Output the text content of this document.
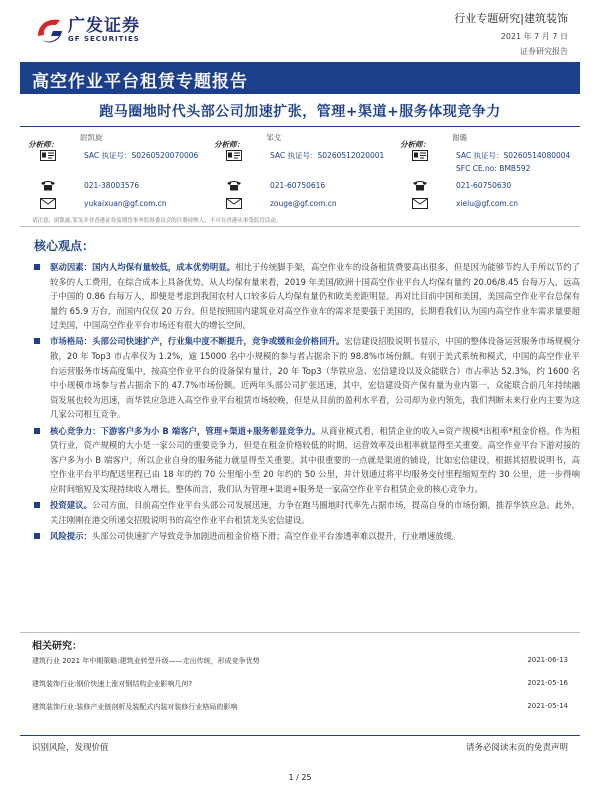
广发证券
GF SECURITIES
行业专题研究|建筑装饰
2021 年 7 月 7 日
证券研究报告
高空作业平台租赁专题报告
跑马圈地时代头部公司加速扩张，管理+渠道+服务体现竞争力
分析师：
尉凯旋
SAC 执证号：S0260520070006
021-38003576
yukaixuan@gf.com.cn
分析师：
邹戈
SAC 执证号：S0260512020001
021-60750616
zouge@gf.com.cn
分析师：
谢璐
SAC 执证号：S0260514080004
SFC CE.no: BMB592
021-60750630
xielu@gf.com.cn
请注意，尉凯旋,邹戈并非香港证券及期货事务监察委员会的注册持牌人，不可在香港从事受监管活动。
核心观点：
驱动因素：国内人均保有量较低，成本优势明显。相比于传统脚手架，高空作业车的设备租赁费要高出很多，但是因为能够节约人手所以节约了较多的人工费用，在综合成本上具备优势。从人均保有量来看，2019 年美国/欧洲十国高空作业平台人均保有量约 20.06/8.45 台每万人，远高于中国的 0.86 台每万人，即便是考虑到我国农村人口较多后人均保有量仍和欧美差距明显。再对比目前中国和美国，美国高空作业平台总保有量约 65.9 万台，而国内仅仅 20 万台。但是按照国内建筑业对高空作业车的需求是要强于美国的，长期看我们认为国内高空作业车需求量要超过美国，中国高空作业平台市场还有很大的增长空间。
市场格局：头部公司快速扩产，行业集中度不断提升，竞争或缓和金价格回升。宏信建设招股说明书显示，中国的整体设备运营服务市场规模分散，20 年 Top3 市占率仅为 1.2%，逾 15000 名中小规模的参与者占据余下的 98.8%市场份额。有别于美式系统和模式，中国的高空作业平台运营服务市场高度集中，按高空作业平台的设备保有量计，20 年 Top3（华铁应急、宏信建设以及众能联合）市占率达 52.3%，约 1600 名中小规模市场参与者占据余下的 47.7%市场份额。近两年头部公司扩张迅速，其中，宏信建设资产保有量为业内第一，众能联合前几年持续融资发展也较为迅速，而华铁应急进入高空作业平台租赁市场较晚，但是从目前的盈利水平看，公司却为业内领先，我们判断未来行业内主要为这几家公司相互竞争。
核心竞争力：下游客户多为小 B 端客户，管理+渠道+服务彰显竞争力。从商业模式看，租赁企业的收入=资产规模*出租率*租金价格。作为租赁行业，资产规模的大小是一家公司的重要竞争力，但是在租金价格较低的时期，运营效率及出租率就显得至关重要。高空作业平台下游对接的客户多为小 B 端客户，所以企业自身的服务能力就显得至关重要。其中很重要的一点就是渠道的铺设，比如宏信建设，根据其招股说明书，高空作业平台平均配送里程已由 18 年的约 70 公里缩小至 20 年约的 50 公里，并计划通过将平均服务交付里程缩短至约 30 公里，进一步得响应时间缩短及实现持续收入增长。整体而言，我们认为管理+渠道+服务是一家高空作业平台租赁企业的核心竞争力。
投资建议。公司方面，目前高空作业平台头部公司发展迅速，力争在跑马圈地时代率先占据市场，提高自身的市场份额，推荐华铁应急。此外，关注刚刚在港交所递交招股说明书的高空作业平台租赁龙头宏信建设。
风险提示：头部公司快速扩产导致竞争加剧进而租金价格下滑；高空作业平台渗透率难以提升，行业增速放缓。
相关研究：
建筑行业 2021 年中期策略:建筑业转型升级——走出传统，形成竞争优势	2021-06-13
建筑装饰行业:钢价快速上涨对钢结构企业影响几何?	2021-05-16
建筑装饰行业:装修产业链剖析及装配式内装对装修行业格局的影响	2021-05-14
识别风险，发现价值	请务必阅读末页的免责声明
1 / 25
